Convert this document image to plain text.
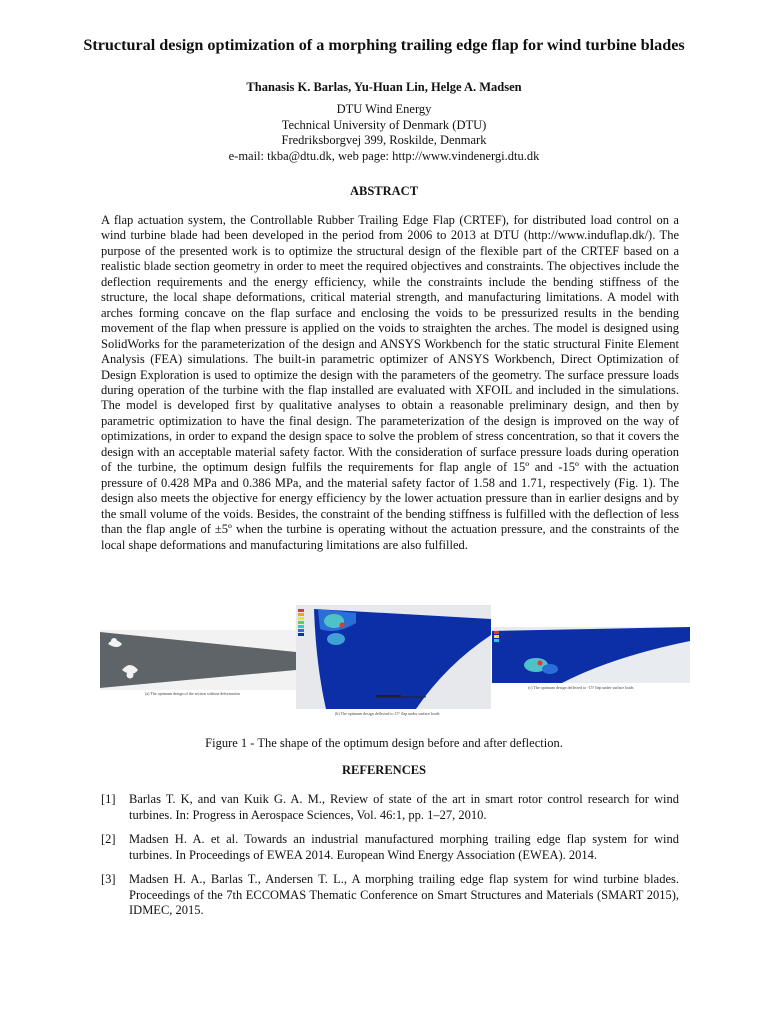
Structural design optimization of a morphing trailing edge flap for wind turbine blades
Thanasis K. Barlas, Yu-Huan Lin, Helge A. Madsen
DTU Wind Energy
Technical University of Denmark (DTU)
Fredriksborgvej 399, Roskilde, Denmark
e-mail: tkba@dtu.dk, web page: http://www.vindenergi.dtu.dk
ABSTRACT

A flap actuation system, the Controllable Rubber Trailing Edge Flap (CRTEF), for distributed load control on a wind turbine blade had been developed in the period from 2006 to 2013 at DTU (http://www.induflap.dk/). The purpose of the presented work is to optimize the structural design of the flexible part of the CRTEF based on a realistic blade section geometry in order to meet the required objectives and constraints. The objectives include the deflection requirements and the energy efficiency, while the constraints include the bending stiffness of the structure, the local shape deformations, critical material strength, and manufacturing limitations. A model with arches forming concave on the flap surface and enclosing the voids to be pressurized results in the bending movement of the flap when pressure is applied on the voids to straighten the arches. The model is designed using SolidWorks for the parameterization of the design and ANSYS Workbench for the static structural Finite Element Analysis (FEA) simulations. The built-in parametric optimizer of ANSYS Workbench, Direct Optimization of Design Exploration is used to optimize the design with the parameters of the geometry. The surface pressure loads during operation of the turbine with the flap installed are evaluated with XFOIL and included in the simulations. The model is developed first by qualitative analyses to obtain a reasonable preliminary design, and then by parametric optimization to have the final design. The parameterization of the design is improved on the way of optimizations, in order to expand the design space to solve the problem of stress concentration, so that it covers the design with an acceptable material safety factor. With the consideration of surface pressure loads during operation of the turbine, the optimum design fulfils the requirements for flap angle of 15º and -15º with the actuation pressure of 0.428 MPa and 0.386 MPa, and the material safety factor of 1.58 and 1.71, respectively (Fig. 1). The design also meets the objective for energy efficiency by the lower actuation pressure than in earlier designs and by the small volume of the voids. Besides, the constraint of the bending stiffness is fulfilled with the deflection of less than the flap angle of ±5º when the turbine is operating without the actuation pressure, and the constraints of the local shape deformations and manufacturing limitations are also fulfilled.

(a) The optimum design of the section without deformation
(b) The optimum design deflected to 15° flap under surface loads
(c) The optimum design deflected to -15° flap under surface loads
Figure 1 - The shape of the optimum design before and after deflection.
REFERENCES
[1] Barlas T. K, and van Kuik G. A. M., Review of state of the art in smart rotor control research for wind turbines. In: Progress in Aerospace Sciences, Vol. 46:1, pp. 1–27, 2010.
[2] Madsen H. A. et al. Towards an industrial manufactured morphing trailing edge flap system for wind turbines. In Proceedings of EWEA 2014. European Wind Energy Association (EWEA). 2014.
[3] Madsen H. A., Barlas T., Andersen T. L., A morphing trailing edge flap system for wind turbine blades. Proceedings of the 7th ECCOMAS Thematic Conference on Smart Structures and Materials (SMART 2015), IDMEC, 2015.
